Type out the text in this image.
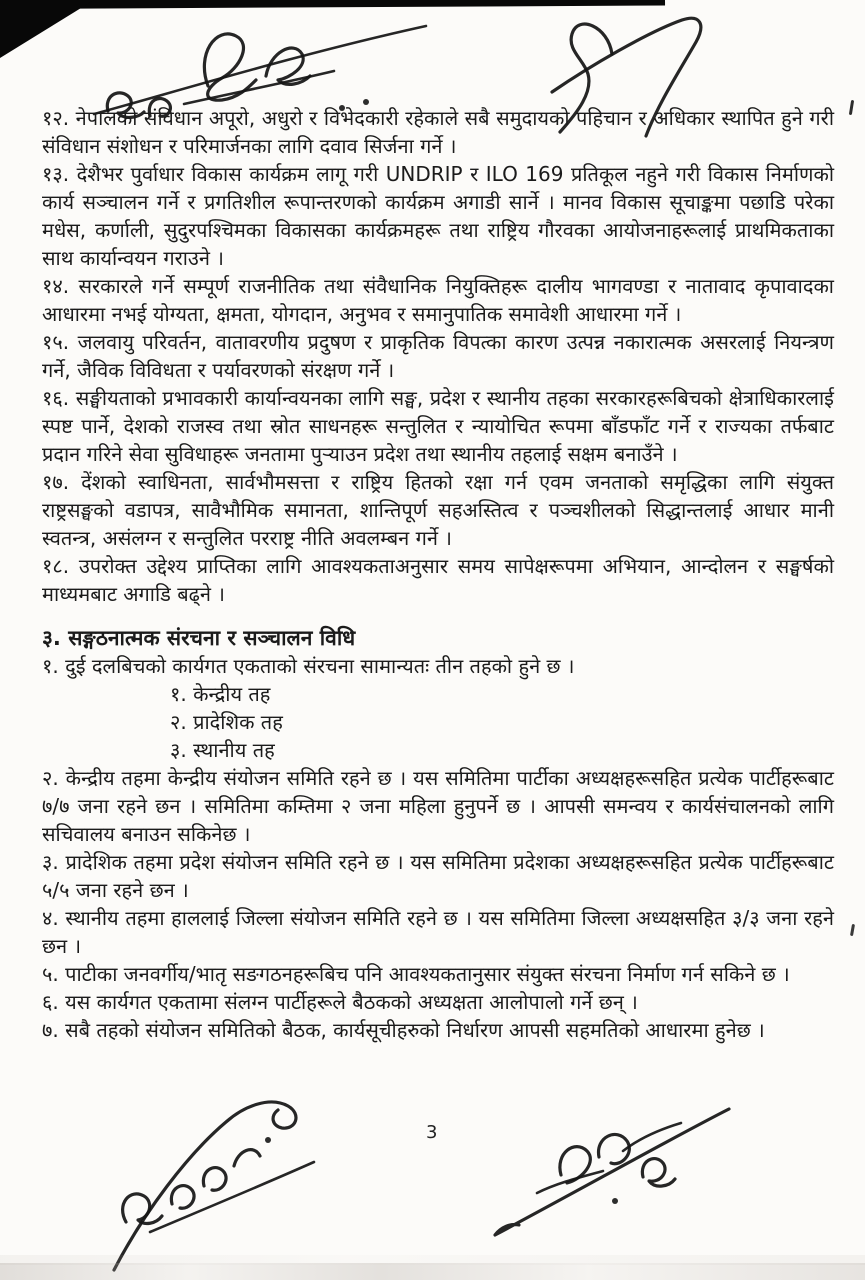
१२. नेपालको संविधान अपूरो, अधुरो र विभेदकारी रहेकाले सबै समुदायको पहिचान र अधिकार स्थापित हुने गरी संविधान संशोधन र परिमार्जनका लागि दवाव सिर्जना गर्ने ।

१३. देशैभर पुर्वाधार विकास कार्यक्रम लागू गरी UNDRIP र ILO 169 प्रतिकूल नहुने गरी विकास निर्माणको कार्य सञ्चालन गर्ने र प्रगतिशील रूपान्तरणको कार्यक्रम अगाडी सार्ने । मानव विकास सूचाङ्कमा पछाडि परेका मधेस, कर्णाली, सुदुरपश्चिमका विकासका कार्यक्रमहरू तथा राष्ट्रिय गौरवका आयोजनाहरूलाई प्राथमिकताका साथ कार्यान्वयन गराउने ।

१४. सरकारले गर्ने सम्पूर्ण राजनीतिक तथा संवैधानिक नियुक्तिहरू दालीय भागवण्डा र नातावाद कृपावादका आधारमा नभई योग्यता, क्षमता, योगदान, अनुभव र समानुपातिक समावेशी आधारमा गर्ने ।

१५. जलवायु परिवर्तन, वातावरणीय प्रदुषण र प्राकृतिक विपत्का कारण उत्पन्न नकारात्मक असरलाई नियन्त्रण गर्ने, जैविक विविधता र पर्यावरणको संरक्षण गर्ने ।

१६. सङ्घीयताको प्रभावकारी कार्यान्वयनका लागि सङ्घ, प्रदेश र स्थानीय तहका सरकारहरूबिचको क्षेत्राधिकारलाई स्पष्ट पार्ने, देशको राजस्व तथा स्रोत साधनहरू सन्तुलित र न्यायोचित रूपमा बाँडफाँट गर्ने र राज्यका तर्फबाट प्रदान गरिने सेवा सुविधाहरू जनतामा पुऱ्याउन प्रदेश तथा स्थानीय तहलाई सक्षम बनाउँने ।

१७. देंशको स्वाधिनता, सार्वभौमसत्ता र राष्ट्रिय हितको रक्षा गर्न एवम जनताको समृद्धिका लागि संयुक्त राष्ट्रसङ्घको वडापत्र, सावैभौमिक समानता, शान्तिपूर्ण सहअस्तित्व र पञ्चशीलको सिद्धान्तलाई आधार मानी स्वतन्त्र, असंलग्न र सन्तुलित परराष्ट्र नीति अवलम्बन गर्ने ।

१८. उपरोक्त उद्देश्य प्राप्तिका लागि आवश्यकताअनुसार समय सापेक्षरूपमा अभियान, आन्दोलन र सङ्घर्षको माध्यमबाट अगाडि बढ्ने ।

३. सङ्गठनात्मक संरचना र सञ्चालन विधि

१. दुई दलबिचको कार्यगत एकताको संरचना सामान्यतः तीन तहको हुने छ ।

१. केन्द्रीय तह

२. प्रादेशिक तह

३. स्थानीय तह

२. केन्द्रीय तहमा केन्द्रीय संयोजन समिति रहने छ । यस समितिमा पार्टीका अध्यक्षहरूसहित प्रत्येक पार्टीहरूबाट ७/७ जना रहने छन । समितिमा कम्तिमा २ जना महिला हुनुपर्ने छ । आपसी समन्वय र कार्यसंचालनको लागि सचिवालय बनाउन सकिनेछ ।

३. प्रादेशिक तहमा प्रदेश संयोजन समिति रहने छ । यस समितिमा प्रदेशका अध्यक्षहरूसहित प्रत्येक पार्टीहरूबाट ५/५ जना रहने छन ।

४. स्थानीय तहमा हाललाई जिल्ला संयोजन समिति रहने छ । यस समितिमा जिल्ला अध्यक्षसहित ३/३ जना रहने छन ।

५. पाटीका जनवर्गीय/भातृ सङगठनहरूबिच पनि आवश्यकतानुसार संयुक्त संरचना निर्माण गर्न सकिने छ ।

६. यस कार्यगत एकतामा संलग्न पार्टीहरूले बैठकको अध्यक्षता आलोपालो गर्ने छन् ।

७. सबै तहको संयोजन समितिको बैठक, कार्यसूचीहरुको निर्धारण आपसी सहमतिको आधारमा हुनेछ ।

3
